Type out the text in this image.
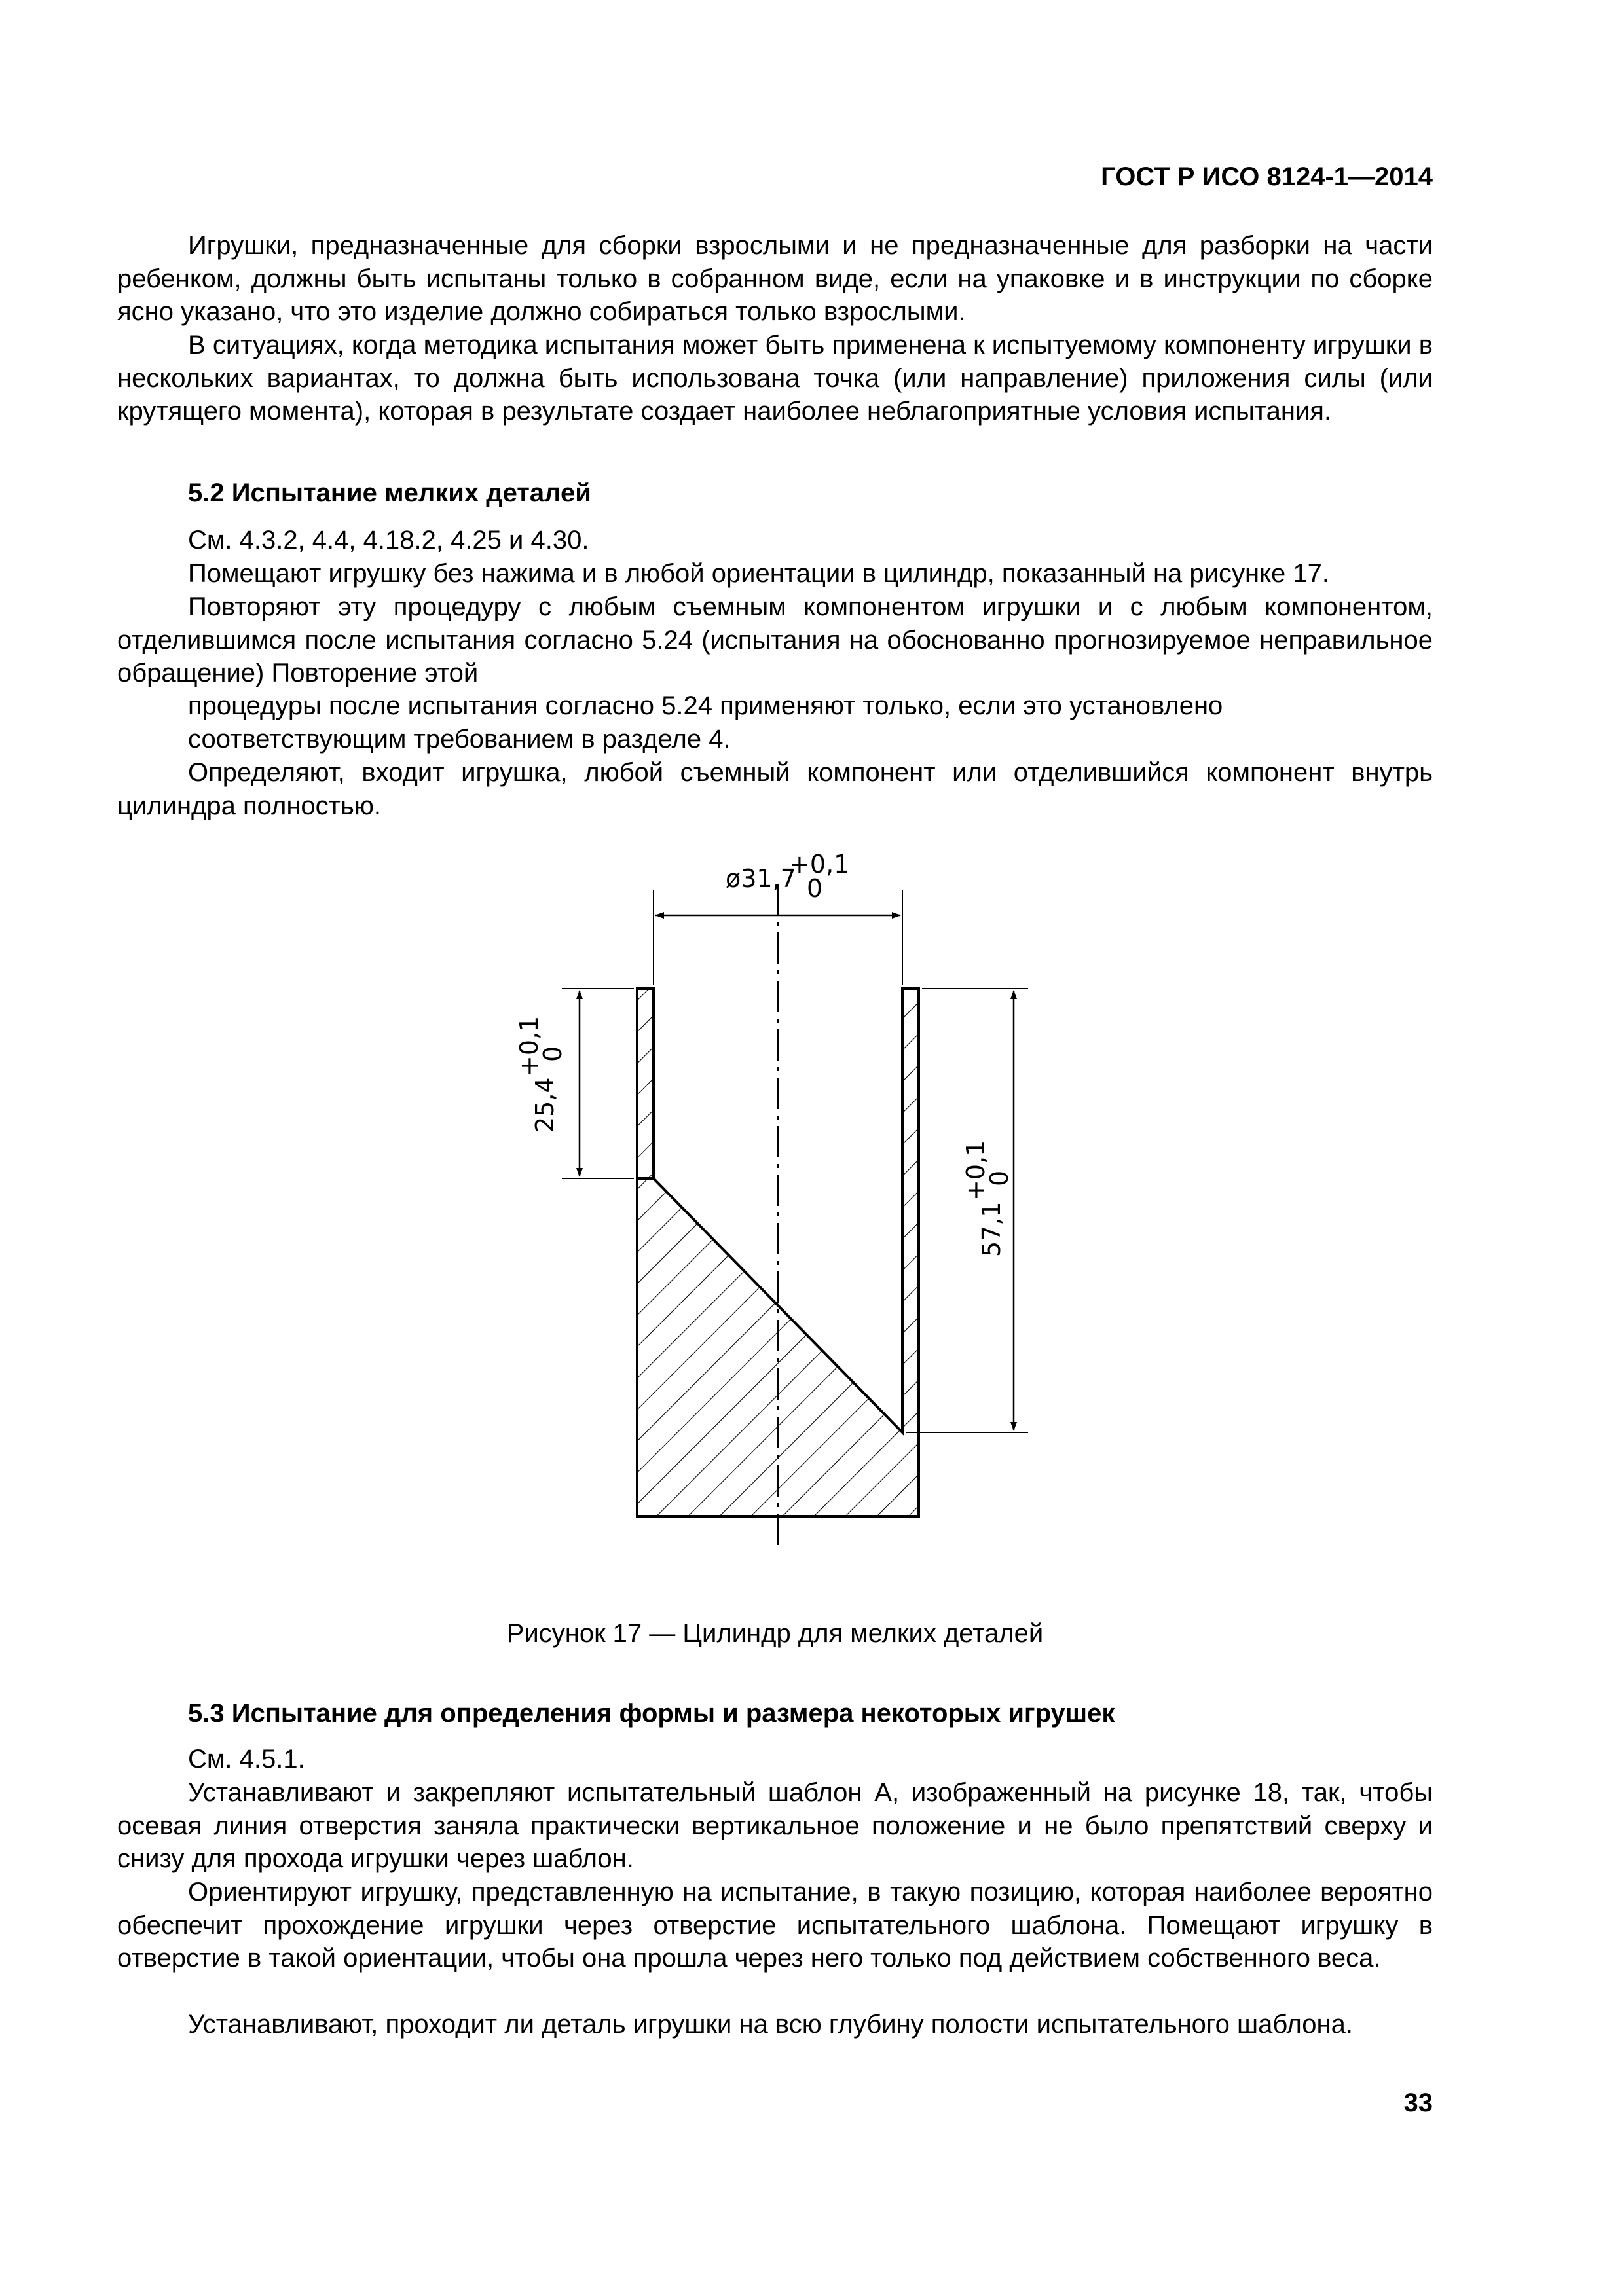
ГОСТ Р ИСО 8124-1—2014

Игрушки, предназначенные для сборки взрослыми и не предназначенные для разборки на части ребенком, должны быть испытаны только в собранном виде, если на упаковке и в инструкции по сборке ясно указано, что это изделие должно собираться только взрослыми.

В ситуациях, когда методика испытания может быть применена к испытуемому компоненту игрушки в нескольких вариантах, то должна быть использована точка (или направление) приложения силы (или крутящего момента), которая в результате создает наиболее неблагоприятные условия испытания.

5.2 Испытание мелких деталей

См. 4.3.2, 4.4, 4.18.2, 4.25 и 4.30.

Помещают игрушку без нажима и в любой ориентации в цилиндр, показанный на рисунке 17.

Повторяют эту процедуру с любым съемным компонентом игрушки и с любым компонентом, отделившимся после испытания согласно 5.24 (испытания на обоснованно прогнозируемое неправильное обращение) Повторение этой

процедуры после испытания согласно 5.24 применяют только, если это установлено

соответствующим требованием в разделе 4.

Определяют, входит игрушка, любой съемный компонент или отделившийся компонент внутрь цилиндра полностью.

ø31,7
+0,1
0
25,4
+0,1
0
57,1
+0,1
0

Рисунок 17 — Цилиндр для мелких деталей

5.3 Испытание для определения формы и размера некоторых игрушек

См. 4.5.1.

Устанавливают и закрепляют испытательный шаблон А, изображенный на рисунке 18, так, чтобы осевая линия отверстия заняла практически вертикальное положение и не было препятствий сверху и снизу для прохода игрушки через шаблон.

Ориентируют игрушку, представленную на испытание, в такую позицию, которая наиболее вероятно обеспечит прохождение игрушки через отверстие испытательного шаблона. Помещают игрушку в отверстие в такой ориентации, чтобы она прошла через него только под действием собственного веса.

Устанавливают, проходит ли деталь игрушки на всю глубину полости испытательного шаблона.

33
